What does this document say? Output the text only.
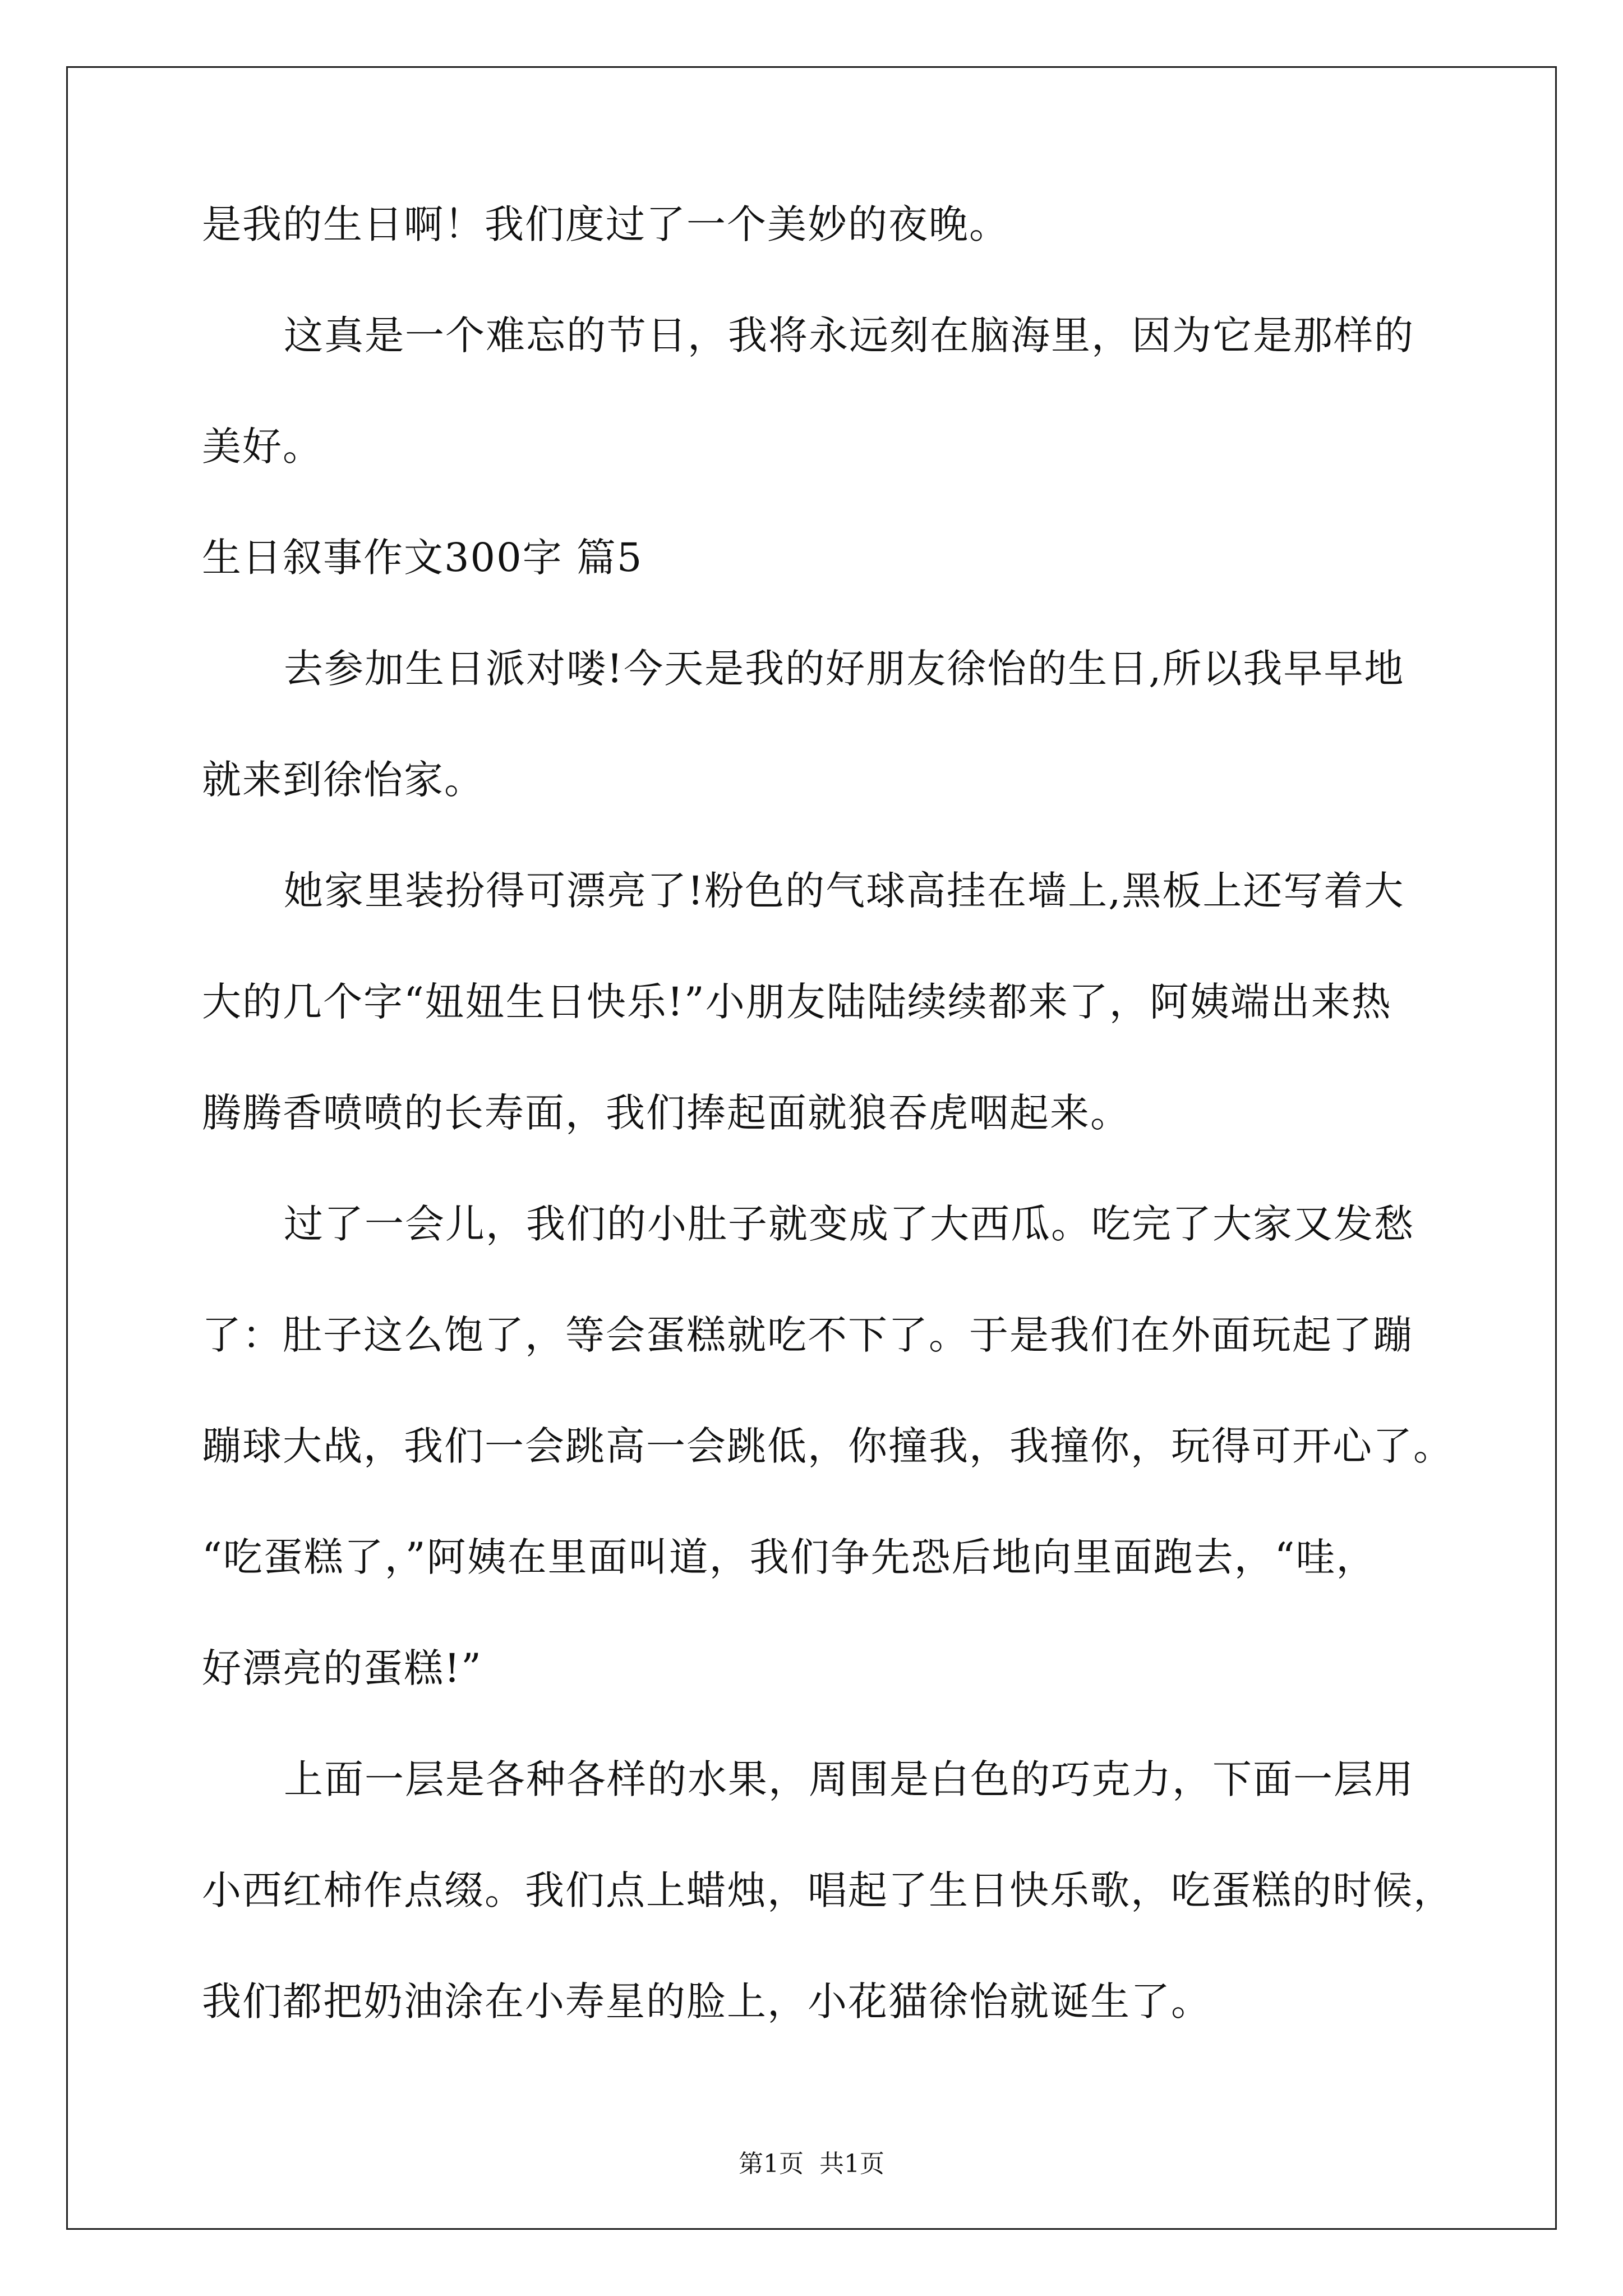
是我的生日啊！我们度过了一个美妙的夜晚。
这真是一个难忘的节日，我将永远刻在脑海里，因为它是那样的
美好。
生日叙事作文300字 篇5
去参加生日派对喽!今天是我的好朋友徐怡的生日,所以我早早地
就来到徐怡家。
她家里装扮得可漂亮了!粉色的气球高挂在墙上,黑板上还写着大
大的几个字“妞妞生日快乐!”小朋友陆陆续续都来了，阿姨端出来热
腾腾香喷喷的长寿面，我们捧起面就狼吞虎咽起来。
过了一会儿，我们的小肚子就变成了大西瓜。吃完了大家又发愁
了：肚子这么饱了，等会蛋糕就吃不下了。于是我们在外面玩起了蹦
蹦球大战，我们一会跳高一会跳低，你撞我，我撞你，玩得可开心了。
“吃蛋糕了，”阿姨在里面叫道，我们争先恐后地向里面跑去，“哇，
好漂亮的蛋糕!”
上面一层是各种各样的水果，周围是白色的巧克力，下面一层用
小西红柿作点缀。我们点上蜡烛，唱起了生日快乐歌，吃蛋糕的时候，
我们都把奶油涂在小寿星的脸上，小花猫徐怡就诞生了。
第1页 共1页
